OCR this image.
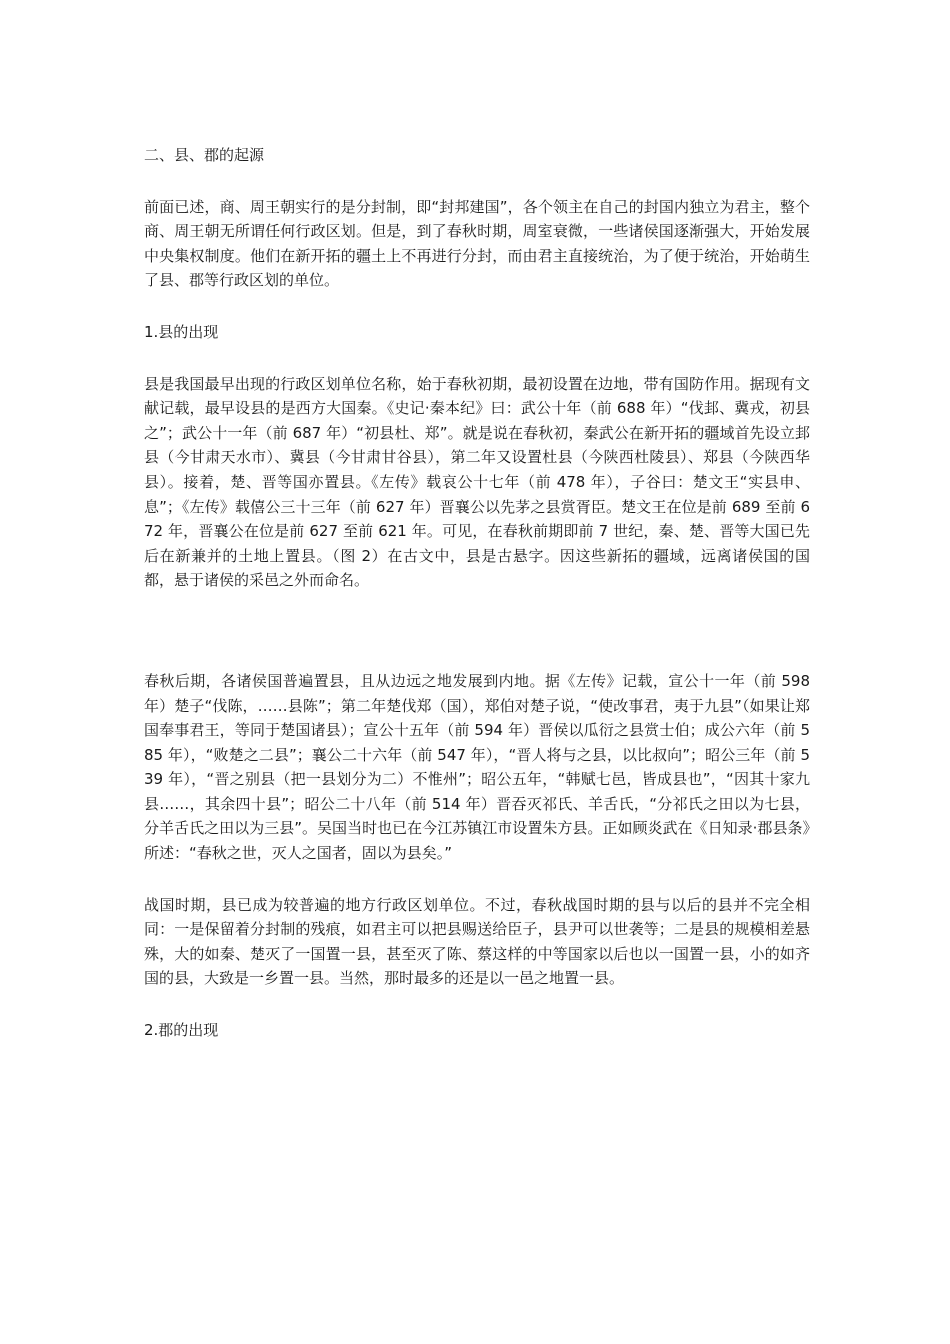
二、县、郡的起源

前面已述，商、周王朝实行的是分封制，即“封邦建国”，各个领主在自己的封国内独立为君主，整个商、周王朝无所谓任何行政区划。但是，到了春秋时期，周室衰微，一些诸侯国逐渐强大，开始发展中央集权制度。他们在新开拓的疆土上不再进行分封，而由君主直接统治，为了便于统治，开始萌生了县、郡等行政区划的单位。

1.县的出现

县是我国最早出现的行政区划单位名称，始于春秋初期，最初设置在边地，带有国防作用。据现有文献记载，最早设县的是西方大国秦。《史记·秦本纪》曰：武公十年（前 688 年）“伐邽、冀戎，初县之”；武公十一年（前 687 年）“初县杜、郑”。就是说在春秋初，秦武公在新开拓的疆域首先设立邽县（今甘肃天水市）、冀县（今甘肃甘谷县），第二年又设置杜县（今陕西杜陵县）、郑县（今陕西华县）。接着，楚、晋等国亦置县。《左传》载哀公十七年（前 478 年），子谷曰：楚文王“实县申、息”；《左传》载僖公三十三年（前 627 年）晋襄公以先茅之县赏胥臣。楚文王在位是前 689 至前 672 年，晋襄公在位是前 627 至前 621 年。可见，在春秋前期即前 7 世纪，秦、楚、晋等大国已先后在新兼并的土地上置县。（图 2）在古文中，县是古悬字。因这些新拓的疆域，远离诸侯国的国都，悬于诸侯的采邑之外而命名。

春秋后期，各诸侯国普遍置县，且从边远之地发展到内地。据《左传》记载，宣公十一年（前 598 年）楚子“伐陈，……县陈”；第二年楚伐郑（国），郑伯对楚子说，“使改事君，夷于九县”（如果让郑国奉事君王，等同于楚国诸县）；宣公十五年（前 594 年）晋侯以瓜衍之县赏士伯；成公六年（前 585 年），“败楚之二县”；襄公二十六年（前 547 年），“晋人将与之县，以比叔向”；昭公三年（前 539 年），“晋之别县（把一县划分为二）不惟州”；昭公五年，“韩赋七邑，皆成县也”，“因其十家九县……，其余四十县”；昭公二十八年（前 514 年）晋吞灭祁氏、羊舌氏，“分祁氏之田以为七县，分羊舌氏之田以为三县”。吴国当时也已在今江苏镇江市设置朱方县。正如顾炎武在《日知录·郡县条》所述：“春秋之世，灭人之国者，固以为县矣。”

战国时期，县已成为较普遍的地方行政区划单位。不过，春秋战国时期的县与以后的县并不完全相同：一是保留着分封制的残痕，如君主可以把县赐送给臣子，县尹可以世袭等；二是县的规模相差悬殊，大的如秦、楚灭了一国置一县，甚至灭了陈、蔡这样的中等国家以后也以一国置一县，小的如齐国的县，大致是一乡置一县。当然，那时最多的还是以一邑之地置一县。

2.郡的出现
